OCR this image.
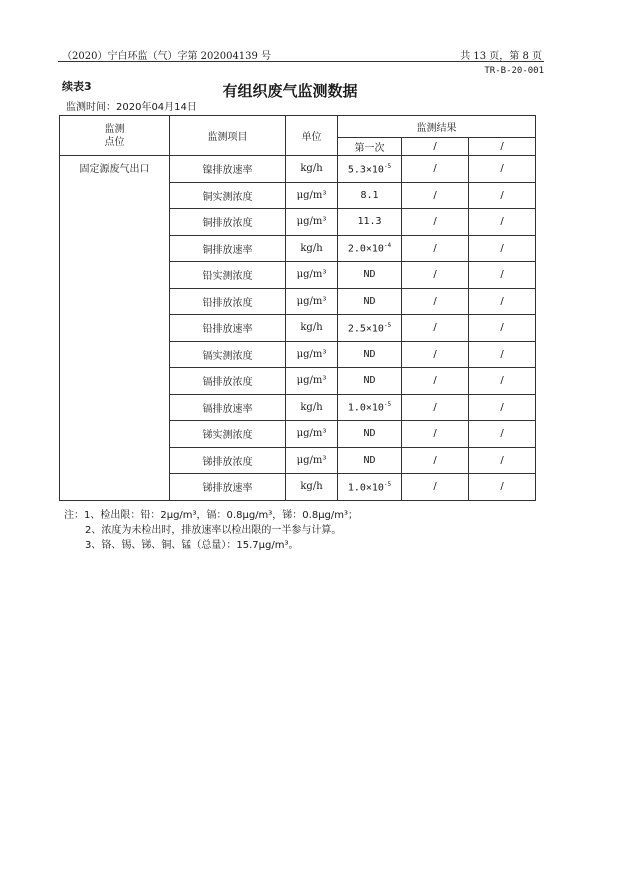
（2020）宁白环监（气）字第 202004139 号	共 13 页，第 8 页
TR-B-20-001
续表3	有组织废气监测数据
监测时间：2020年04月14日
监测
点位	监测项目	单位	监测结果		
			第一次	/	/
固定源废气出口	镍排放速率	kg/h	$5.3\times 10^{-5}$	/	/
	铜实测浓度	μg/m³	8.1	/	/
	铜排放浓度	μg/m³	11.3	/	/
	铜排放速率	kg/h	$2.0\times 10^{-4}$	/	/
	铅实测浓度	μg/m³	ND	/	/
	铅排放浓度	μg/m³	ND	/	/
	铅排放速率	kg/h	$2.5\times 10^{-5}$	/	/
	镉实测浓度	μg/m³	ND	/	/
	镉排放浓度	μg/m³	ND	/	/
	镉排放速率	kg/h	$1.0\times 10^{-5}$	/	/
	锑实测浓度	μg/m³	ND	/	/
	锑排放浓度	μg/m³	ND	/	/
	锑排放速率	kg/h	$1.0\times 10^{-5}$	/	/
注：1、检出限：铅：2μg/m³，镉：0.8μg/m³，锑：0.8μg/m³；
2、浓度为未检出时，排放速率以检出限的一半参与计算。
3、铬、锡、锑、铜、锰（总量）：15.7μg/m³。
